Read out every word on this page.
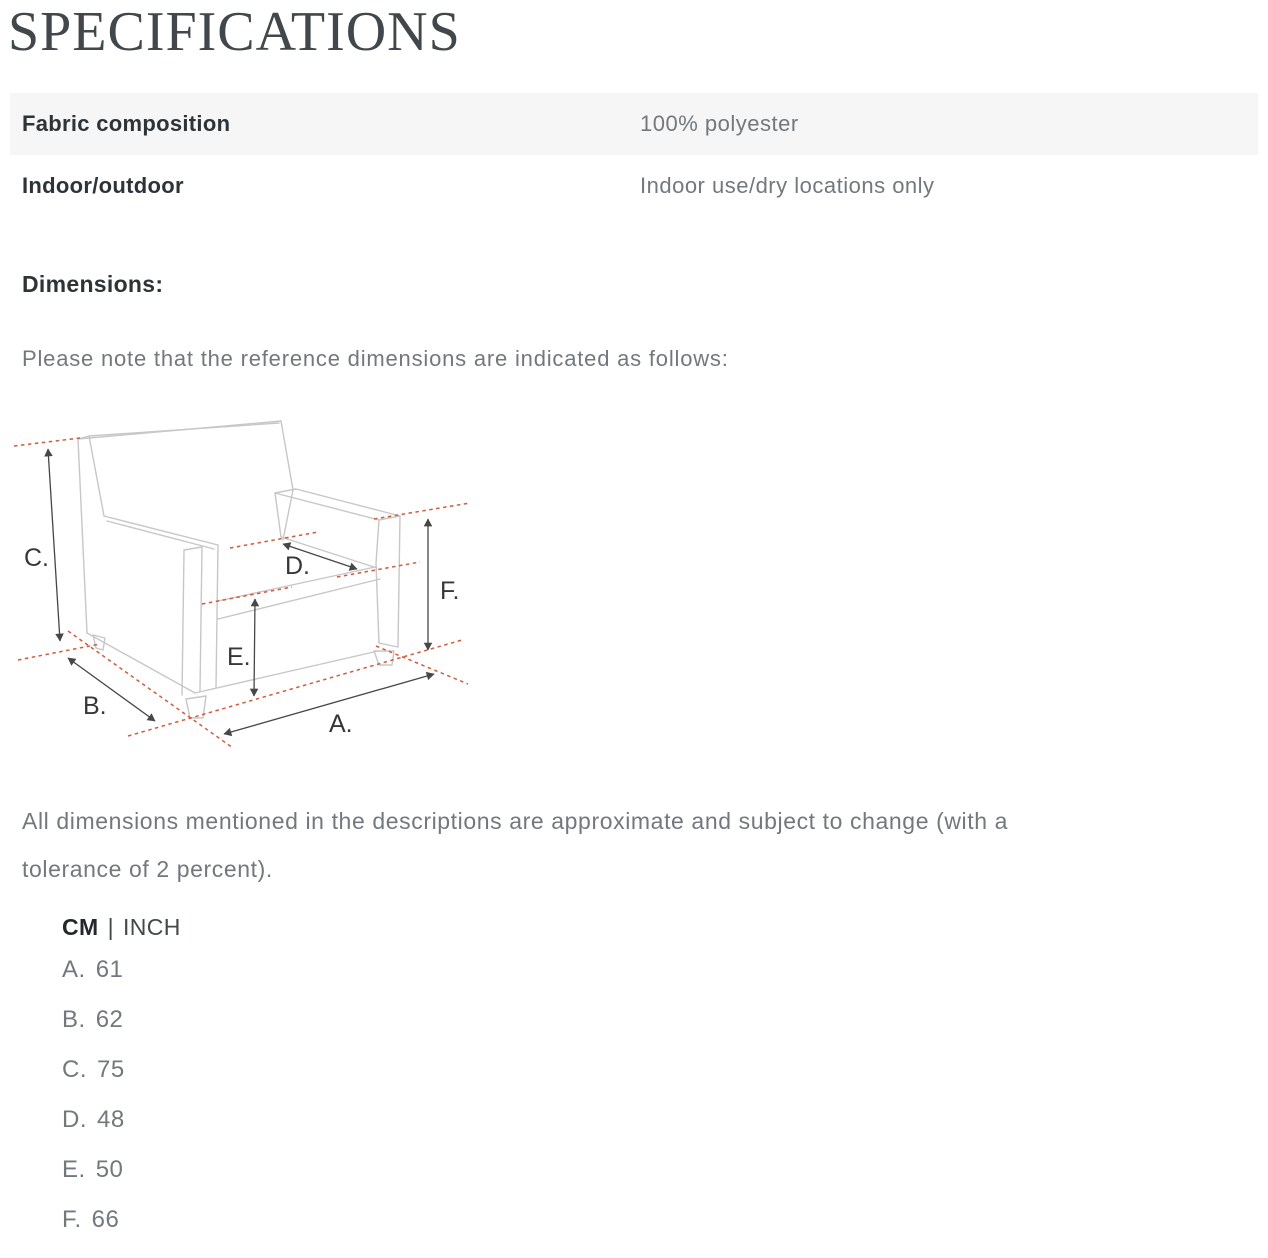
SPECIFICATIONS
Fabric composition	100% polyester
Indoor/outdoor	Indoor use/dry locations only
Dimensions:

Please note that the reference dimensions are indicated as follows:

C.	D.
F.
E.
B.
A.

All dimensions mentioned in the descriptions are approximate and subject to change (with a
tolerance of 2 percent).

CM | INCH
A. 61
B. 62
C. 75
D. 48
E. 50
F. 66
